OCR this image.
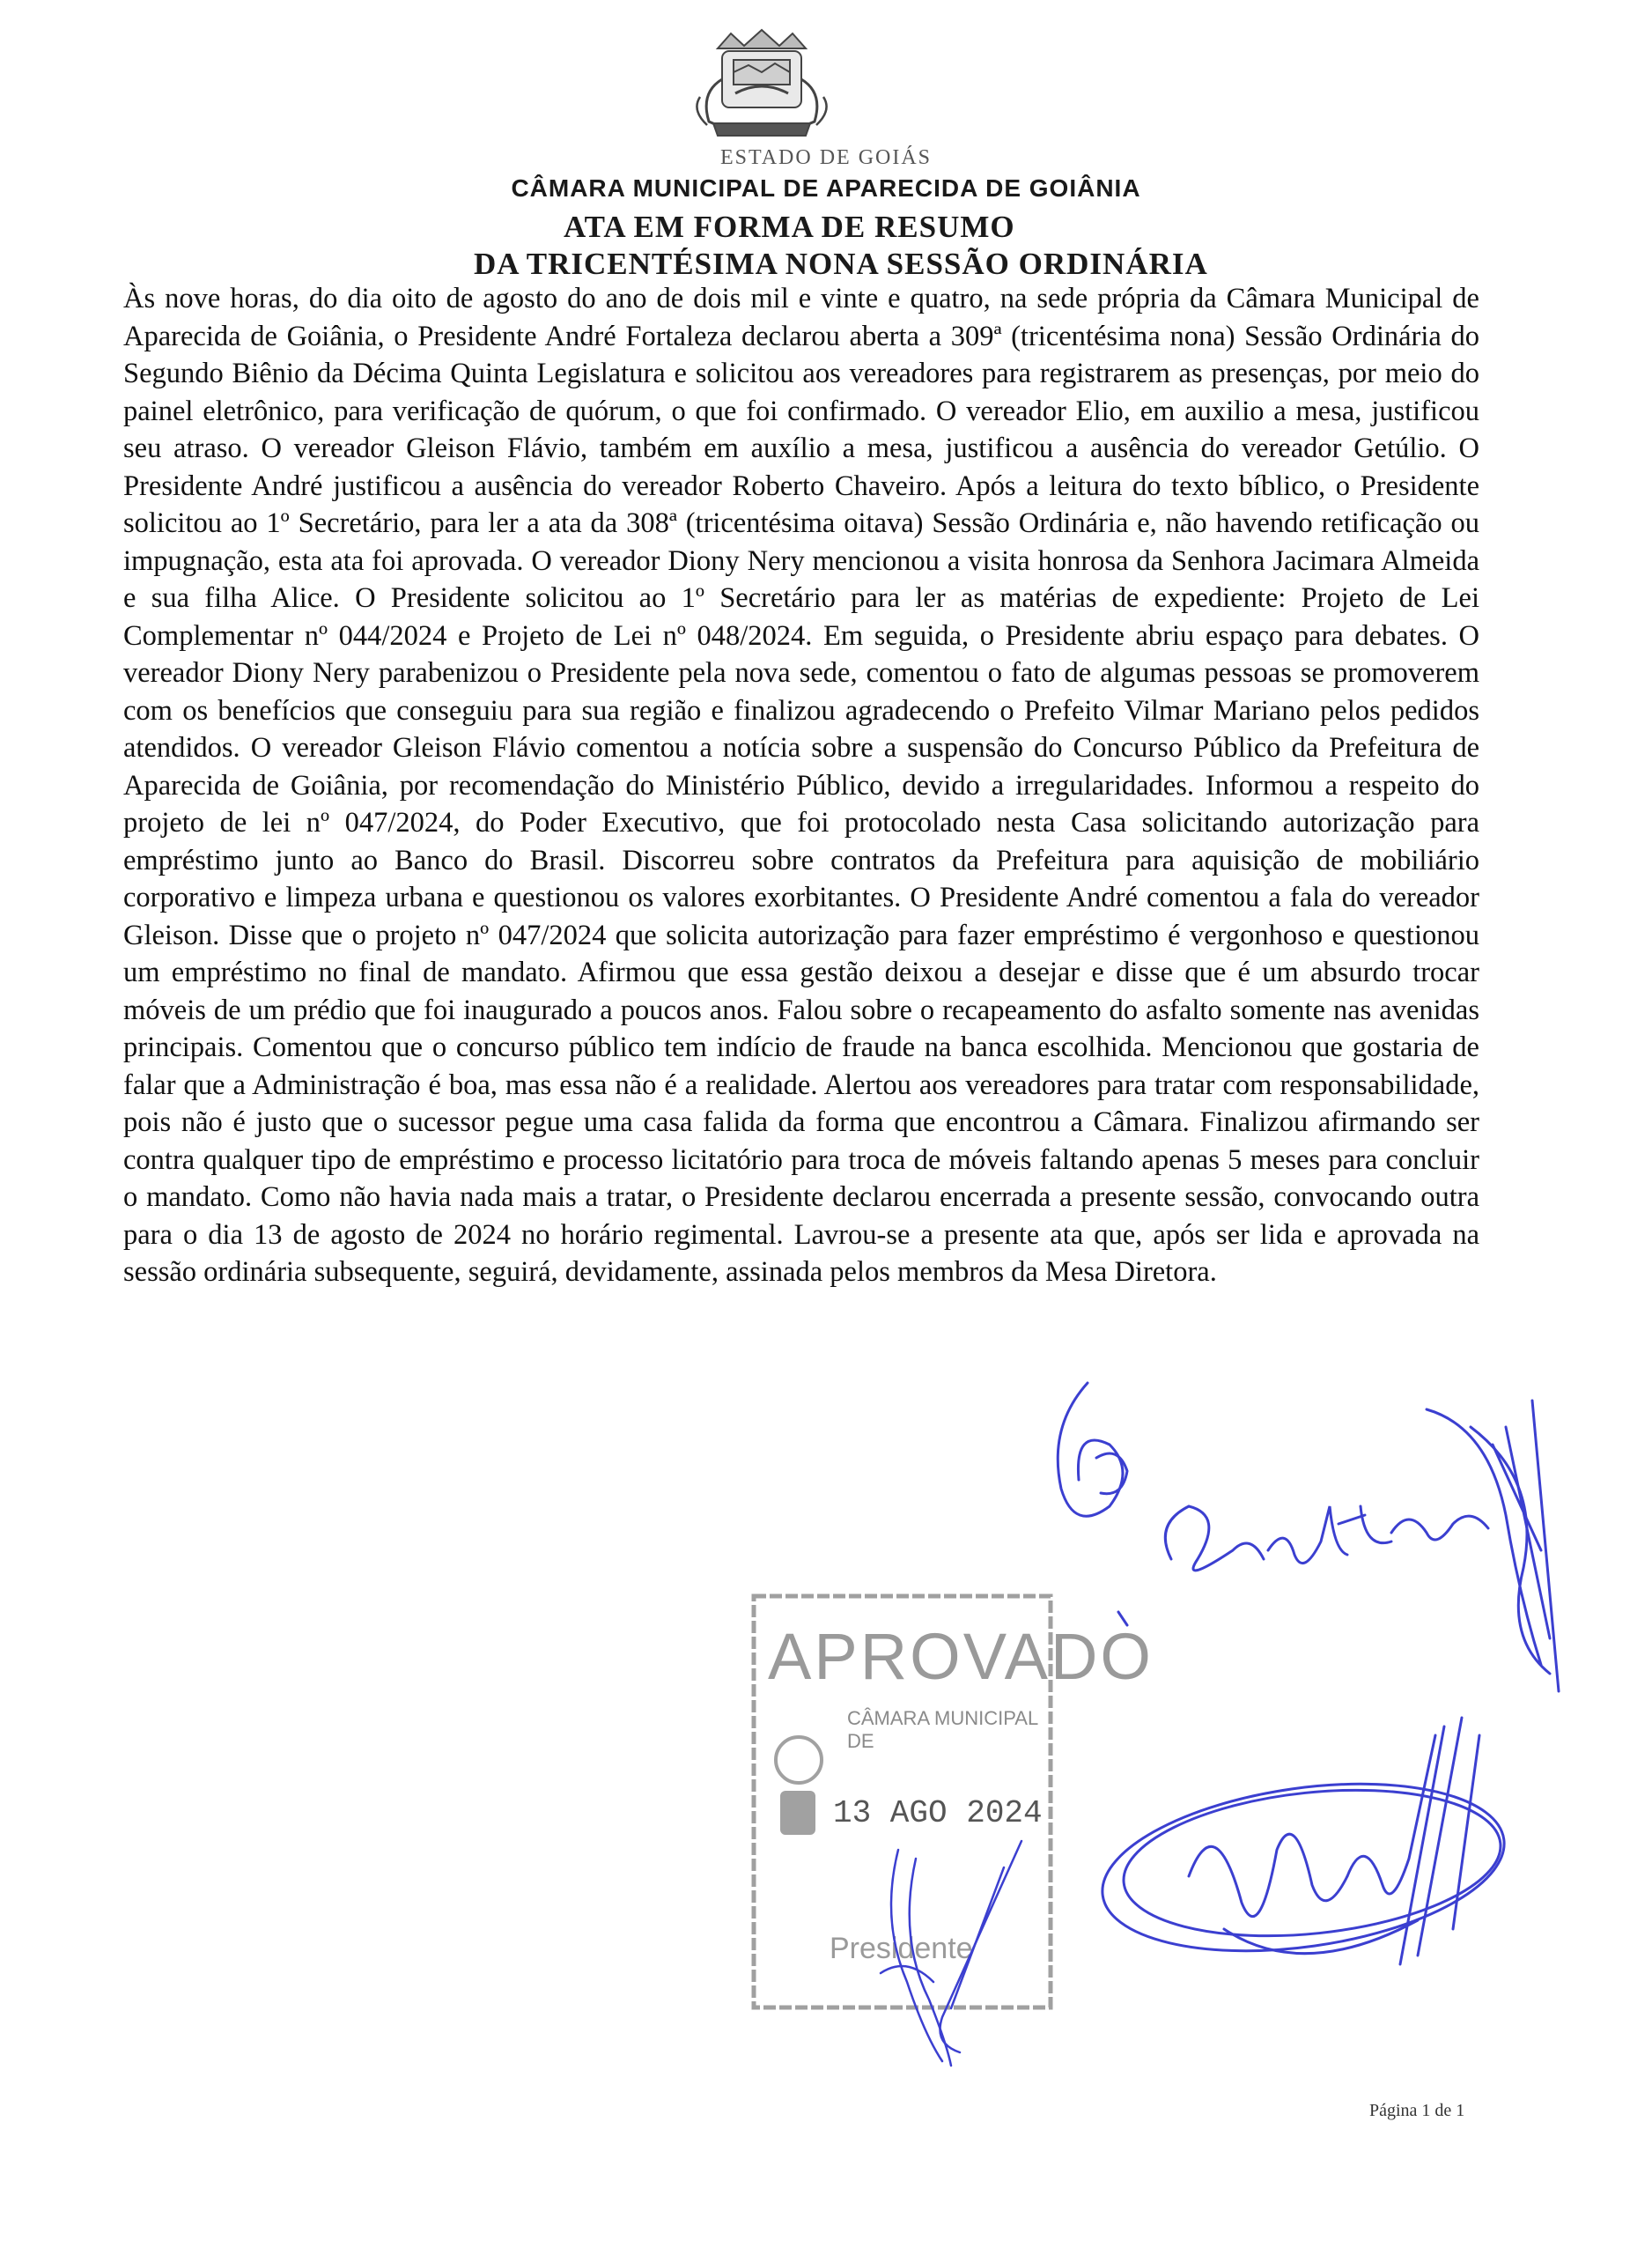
ESTADO DE GOIÁS
CÂMARA MUNICIPAL DE APARECIDA DE GOIÂNIA
ATA EM FORMA DE RESUMO
DA TRICENTÉSIMA NONA SESSÃO ORDINÁRIA
Às nove horas, do dia oito de agosto do ano de dois mil e vinte e quatro, na sede própria da Câmara Municipal de Aparecida de Goiânia, o Presidente André Fortaleza declarou aberta a 309ª (tricentésima nona) Sessão Ordinária do Segundo Biênio da Décima Quinta Legislatura e solicitou aos vereadores para registrarem as presenças, por meio do painel eletrônico, para verificação de quórum, o que foi confirmado. O vereador Elio, em auxilio a mesa, justificou seu atraso. O vereador Gleison Flávio, também em auxílio a mesa, justificou a ausência do vereador Getúlio. O Presidente André justificou a ausência do vereador Roberto Chaveiro. Após a leitura do texto bíblico, o Presidente solicitou ao 1º Secretário, para ler a ata da 308ª (tricentésima oitava) Sessão Ordinária e, não havendo retificação ou impugnação, esta ata foi aprovada. O vereador Diony Nery mencionou a visita honrosa da Senhora Jacimara Almeida e sua filha Alice. O Presidente solicitou ao 1º Secretário para ler as matérias de expediente: Projeto de Lei Complementar nº 044/2024 e Projeto de Lei nº 048/2024. Em seguida, o Presidente abriu espaço para debates. O vereador Diony Nery parabenizou o Presidente pela nova sede, comentou o fato de algumas pessoas se promoverem com os benefícios que conseguiu para sua região e finalizou agradecendo o Prefeito Vilmar Mariano pelos pedidos atendidos. O vereador Gleison Flávio comentou a notícia sobre a suspensão do Concurso Público da Prefeitura de Aparecida de Goiânia, por recomendação do Ministério Público, devido a irregularidades. Informou a respeito do projeto de lei nº 047/2024, do Poder Executivo, que foi protocolado nesta Casa solicitando autorização para empréstimo junto ao Banco do Brasil. Discorreu sobre contratos da Prefeitura para aquisição de mobiliário corporativo e limpeza urbana e questionou os valores exorbitantes. O Presidente André comentou a fala do vereador Gleison. Disse que o projeto nº 047/2024 que solicita autorização para fazer empréstimo é vergonhoso e questionou um empréstimo no final de mandato. Afirmou que essa gestão deixou a desejar e disse que é um absurdo trocar móveis de um prédio que foi inaugurado a poucos anos. Falou sobre o recapeamento do asfalto somente nas avenidas principais. Comentou que o concurso público tem indício de fraude na banca escolhida. Mencionou que gostaria de falar que a Administração é boa, mas essa não é a realidade. Alertou aos vereadores para tratar com responsabilidade, pois não é justo que o sucessor pegue uma casa falida da forma que encontrou a Câmara. Finalizou afirmando ser contra qualquer tipo de empréstimo e processo licitatório para troca de móveis faltando apenas 5 meses para concluir o mandato. Como não havia nada mais a tratar, o Presidente declarou encerrada a presente sessão, convocando outra para o dia 13 de agosto de 2024 no horário regimental. Lavrou-se a presente ata que, após ser lida e aprovada na sessão ordinária subsequente, seguirá, devidamente, assinada pelos membros da Mesa Diretora.
APROVADO
CÂMARA MUNICIPAL DE
13 AGO 2024
Presidente
Página 1 de 1
